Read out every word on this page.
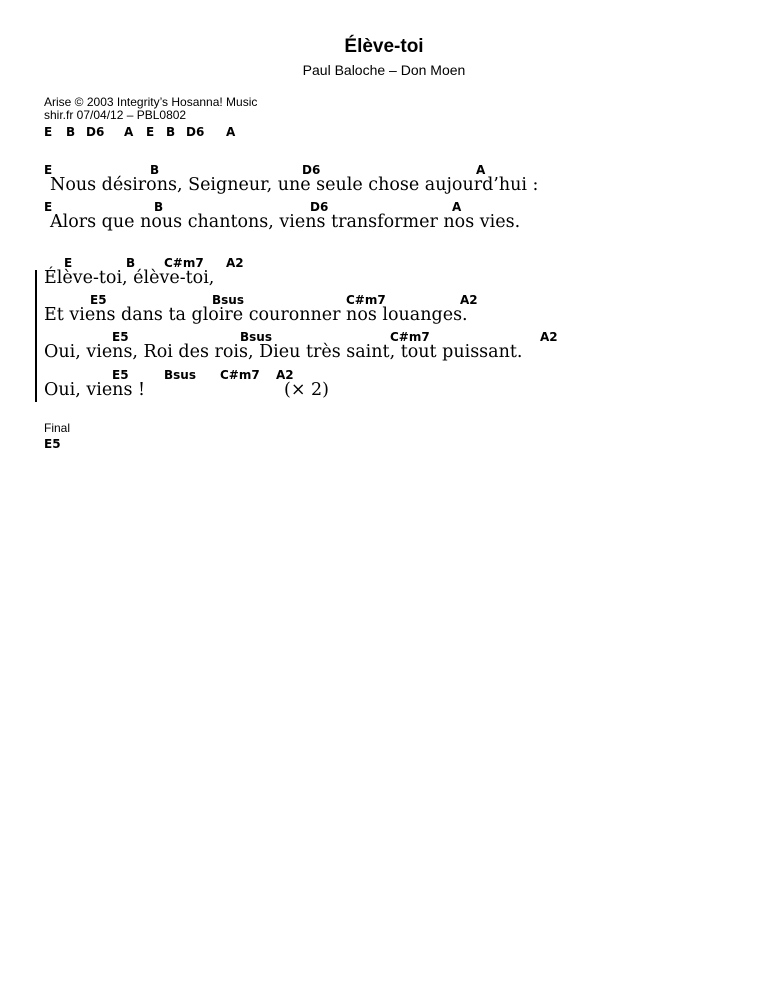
Élève-toi
Paul Baloche – Don Moen
Arise © 2003 Integrity’s Hosanna! Music
shir.fr 07/04/12 – PBL0802
E B D6 A E B D6 A
E	B	D6	A
Nous désirons, Seigneur, une seule chose aujourd’hui :
E	B	D6	A
Alors que nous chantons, viens transformer nos vies.
E	B C#m7 A2
Élève-toi, élève-toi,
E5	Bsus	C#m7	A2
Et viens dans ta gloire couronner nos louanges.
E5	Bsus	C#m7	A2
Oui, viens, Roi des rois, Dieu très saint, tout puissant.
E5	Bsus C#m7 A2
Oui, viens !	(× 2)
Final
E5
